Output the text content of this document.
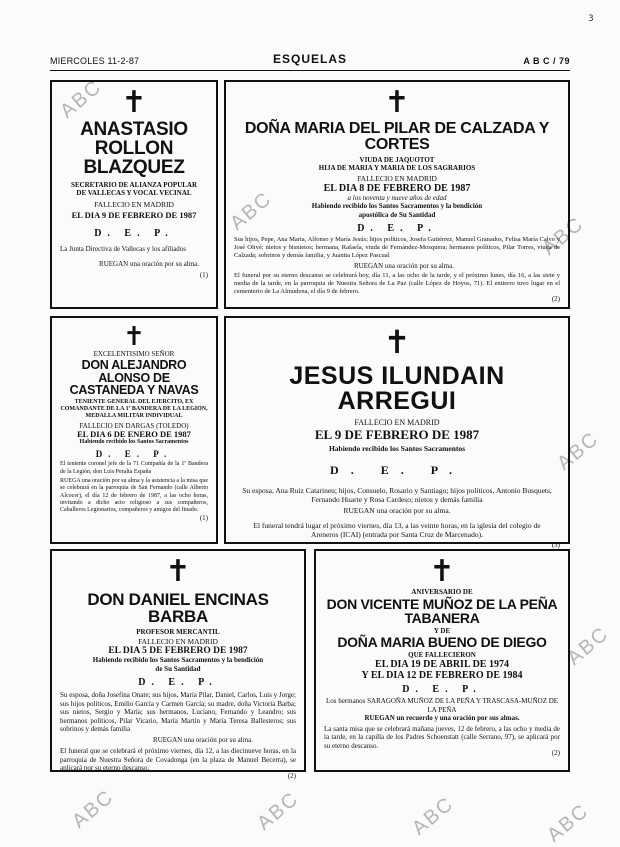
MIERCOLES 11-2-87	ESQUELAS	A B C / 79
3
ABC
ABC
ABC
ABC
ABC
ABC	ABC	ABC	ABC
✝
ANASTASIO ROLLON BLAZQUEZ
SECRETARIO DE ALIANZA POPULAR DE VALLECAS Y VOCAL VECINAL
FALLECIO EN MADRID
EL DIA 9 DE FEBRERO DE 1987
D. E. P.
La Junta Directiva de Vallecas y los afiliados
RUEGAN una oración por su alma.
(1)
✝
DOÑA MARIA DEL PILAR DE CALZADA Y CORTES
VIUDA DE JAQUOTOT
HIJA DE MARIA Y MARIA DE LOS SAGRARIOS
FALLECIO EN MADRID
EL DIA 8 DE FEBRERO DE 1987
a los noventa y nueve años de edad
Habiendo recibido los Santos Sacramentos y la bendición apostólica de Su Santidad
D. E. P.
Sus hijos, Pepe, Ana Marta, Alfonso y María Jesús; hijos políticos, Josefa Gutiérrez, Manuel Granados, Felisa María Calvo y José Olivé; nietos y bisnietos; hermana, Rafaela, viuda de Fernández-Mosquera; hermanos políticos, Pilar Torres, viuda de Calzada; sobrinos y demás familia, y Juanita López Pascual
RUEGAN una oración por su alma.
El funeral por su eterno descanso se celebrará hoy, día 11, a las ocho de la tarde, y el próximo lunes, día 16, a las siete y media de la tarde, en la parroquia de Nuestra Señora de La Paz (calle López de Hoyos, 71). El entierro tuvo lugar en el cementerio de La Almudena, el día 9 de febrero.
(2)
✝
EXCELENTISIMO SEÑOR
DON ALEJANDRO ALONSO DE CASTANEDA Y NAVAS
TENIENTE GENERAL DEL EJERCITO, EX COMANDANTE DE LA 1ª BANDERA DE LA LEGION, MEDALLA MILITAR INDIVIDUAL
FALLECIO EN DARGAS (TOLEDO)
EL DIA 6 DE ENERO DE 1987
Habiendo recibido los Santos Sacramentos
D. E. P.
El teniente coronel jefe de la 71 Compañía de la 1ª Bandera de la Legión, don Luis Peralta España
RUEGA una oración por su alma y la asistencia a la misa que se celebrará en la parroquia de San Fernando (calle Alberto Alcocer), el día 12 de febrero de 1987, a las ocho horas, invitando a dicho acto religioso a sus compañeros, Caballeros Legionarios, compañeros y amigos del finado.
(1)
✝
JESUS ILUNDAIN ARREGUI
FALLECIO EN MADRID
EL 9 DE FEBRERO DE 1987
Habiendo recibido los Santos Sacramentos
D. E. P.
Su esposa, Ana Ruiz Catarineu; hijos, Consuelo, Rosario y Santiago; hijos políticos, Antonio Busquets, Fernando Huarte y Rosa Cardeso; nietos y demás familia
RUEGAN una oración por su alma.
El funeral tendrá lugar el próximo viernes, día 13, a las veinte horas, en la iglesia del colegio de Areneros (ICAI) (entrada por Santa Cruz de Marcenado).
(3)
✝
DON DANIEL ENCINAS BARBA
PROFESOR MERCANTIL
FALLECIO EN MADRID
EL DIA 5 DE FEBRERO DE 1987
Habiendo recibido los Santos Sacramentos y la bendición de Su Santidad
D. E. P.
Su esposa, doña Josefina Onate; sus hijos, María Pilar, Daniel, Carlos, Luis y Jorge; sus hijos políticos, Emilio García y Carmen García; su madre, doña Victoria Barba; sus nietos, Sergio y María; sus hermanos, Luciano, Fernando y Leandro; sus hermanos políticos, Pilar Vicario, María Martín y María Teresa Ballesteros; sus sobrinos y demás familia
RUEGAN una oración por su alma.
El funeral que se celebrará el próximo viernes, día 12, a las diecinueve horas, en la parroquia de Nuestra Señora de Covadonga (en la plaza de Manuel Becerra), se aplicará por su eterno descanso.
(2)
✝
ANIVERSARIO DE
DON VICENTE MUÑOZ DE LA PEÑA TABANERA
Y DE
DOÑA MARIA BUENO DE DIEGO
QUE FALLECIERON
EL DIA 19 DE ABRIL DE 1974
Y EL DIA 12 DE FEBRERO DE 1984
D. E. P.
Los hermanos SARAGOÑA MUÑOZ DE LA PEÑA Y TRASCASA-MUÑOZ DE LA PEÑA
RUEGAN un recuerdo y una oración por sus almas.
La santa misa que se celebrará mañana jueves, 12 de febrero, a las ocho y media de la tarde, en la capilla de los Padres Schoenstatt (calle Serrano, 97), se aplicará por su eterno descanso.
(2)
